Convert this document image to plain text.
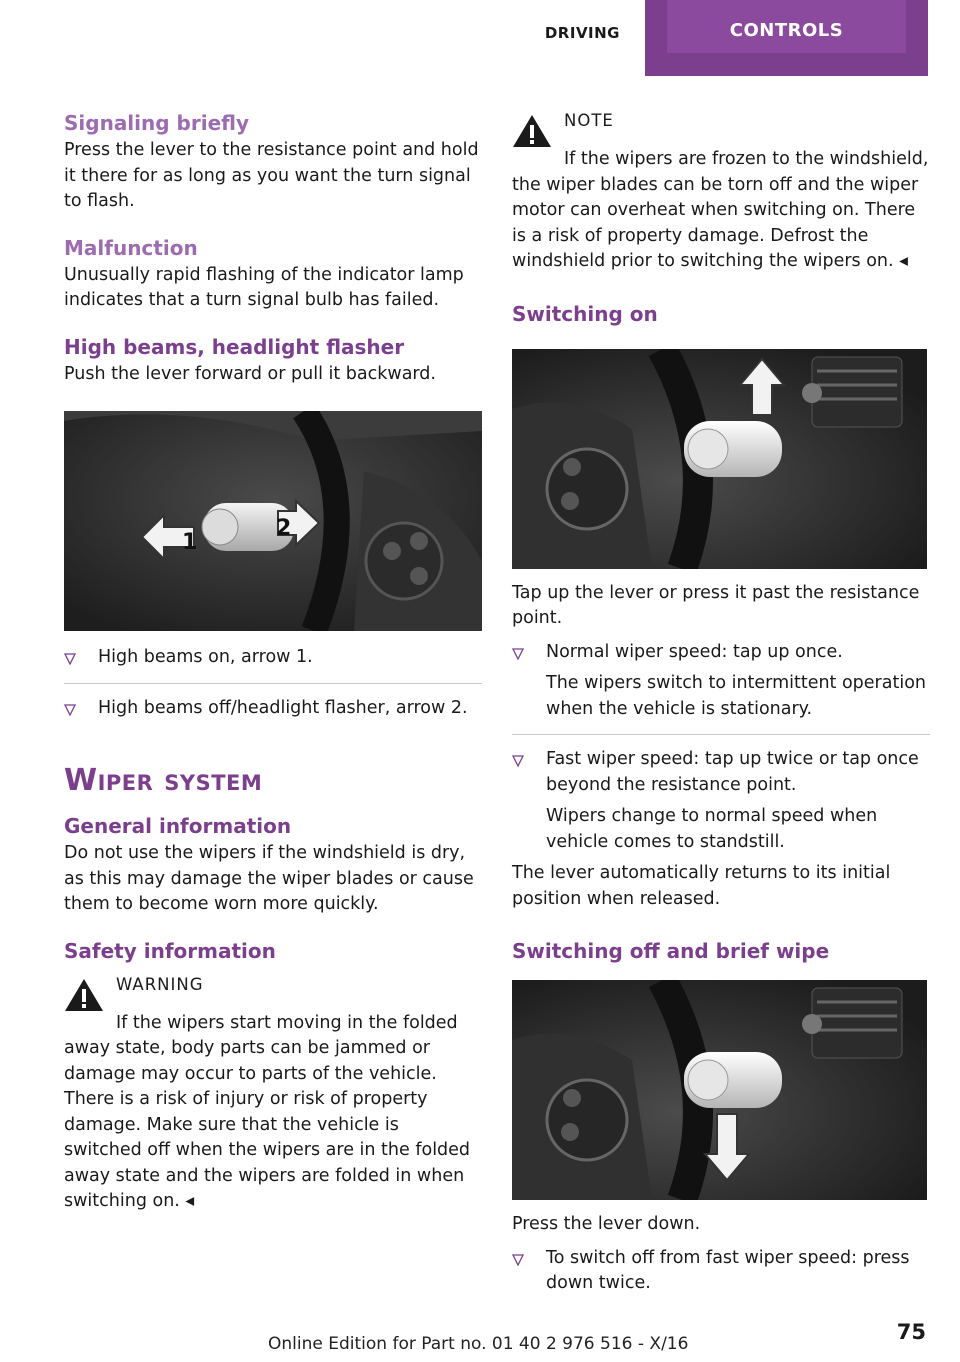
DRIVING	CONTROLS
Signaling briefly

Press the lever to the resistance point and hold it there for as long as you want the turn signal to flash.

Malfunction

Unusually rapid flashing of the indicator lamp indicates that a turn signal bulb has failed.

High beams, headlight flasher

Push the lever forward or pull it backward.

1
2
High beams on, arrow 1.
High beams off/headlight flasher, arrow 2.
Wiper system
General information

Do not use the wipers if the windshield is dry, as this may damage the wiper blades or cause them to become worn more quickly.

Safety information
WARNING

If the wipers start moving in the folded away state, body parts can be jammed or damage may occur to parts of the vehicle. There is a risk of injury or risk of property damage. Make sure that the vehicle is switched off when the wipers are in the folded away state and the wipers are folded in when switching on. ◂

NOTE

If the wipers are frozen to the windshield, the wiper blades can be torn off and the wiper motor can overheat when switching on. There is a risk of property damage. Defrost the windshield prior to switching the wipers on. ◂

Switching on

Tap up the lever or press it past the resistance point.

Normal wiper speed: tap up once.
The wipers switch to intermittent operation when the vehicle is stationary.
Fast wiper speed: tap up twice or tap once beyond the resistance point.
Wipers change to normal speed when vehicle comes to standstill.

The lever automatically returns to its initial position when released.

Switching off and brief wipe

Press the lever down.

To switch off from fast wiper speed: press down twice.
75
Online Edition for Part no. 01 40 2 976 516 - X/16
